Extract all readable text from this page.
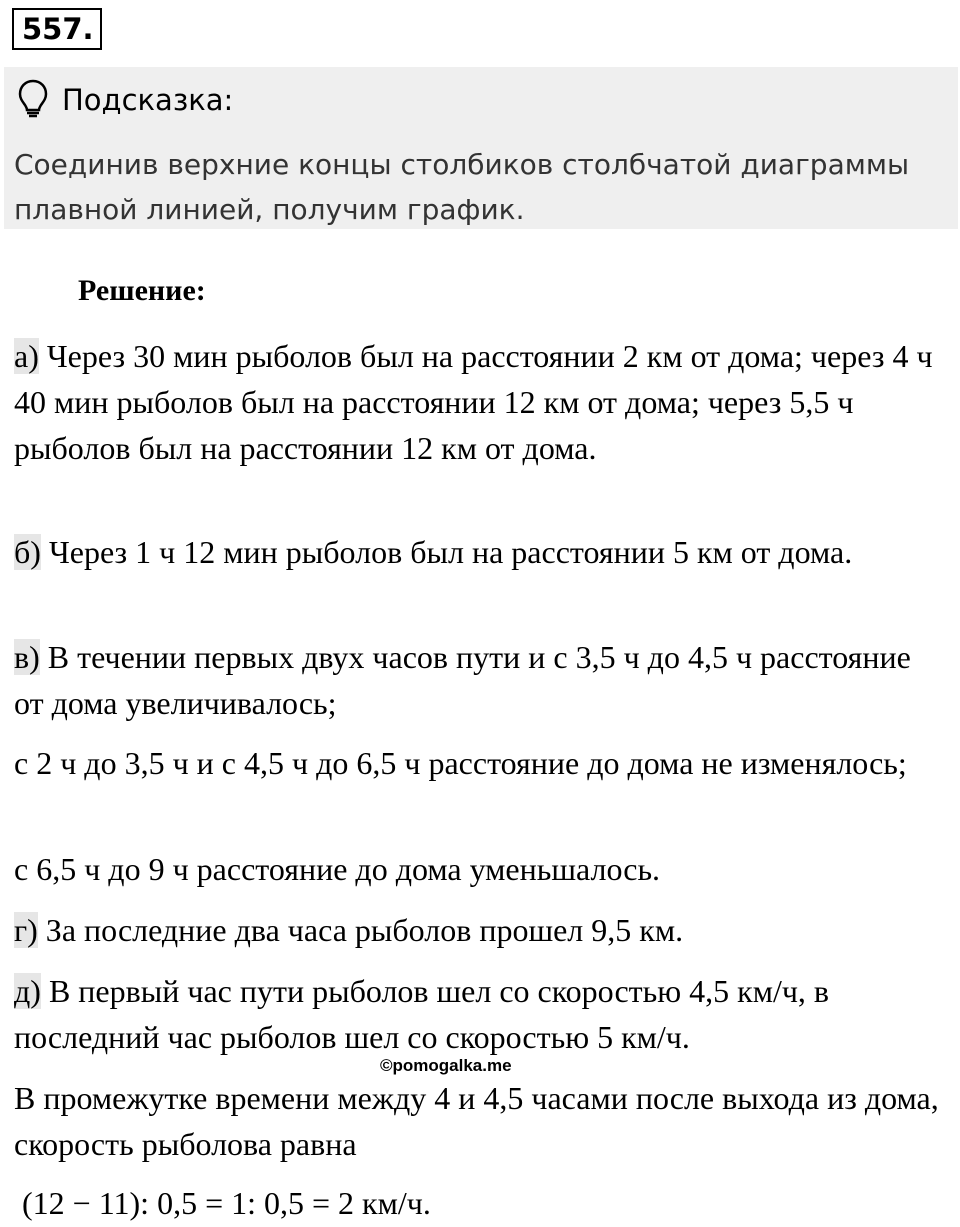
557.
Подсказка:
Соединив верхние концы столбиков столбчатой диаграммы плавной линией, получим график.
Решение:
а) Через 30 мин рыболов был на расстоянии 2 км от дома; через 4 ч 40 мин рыболов был на расстоянии 12 км от дома; через 5,5 ч рыболов был на расстоянии 12 км от дома.
б) Через 1 ч 12 мин рыболов был на расстоянии 5 км от дома.
в) В течении первых двух часов пути и с 3,5 ч до 4,5 ч расстояние от дома увеличивалось;
с 2 ч до 3,5 ч и с 4,5 ч до 6,5 ч расстояние до дома не изменялось;
с 6,5 ч до 9 ч расстояние до дома уменьшалось.
г) За последние два часа рыболов прошел 9,5 км.
д) В первый час пути рыболов шел со скоростью 4,5 км/ч, в последний час рыболов шел со скоростью 5 км/ч.
©pomogalka.me
В промежутке времени между 4 и 4,5 часами после выхода из дома, скорость рыболова равна
(12 − 11): 0,5 = 1: 0,5 = 2 км/ч.
